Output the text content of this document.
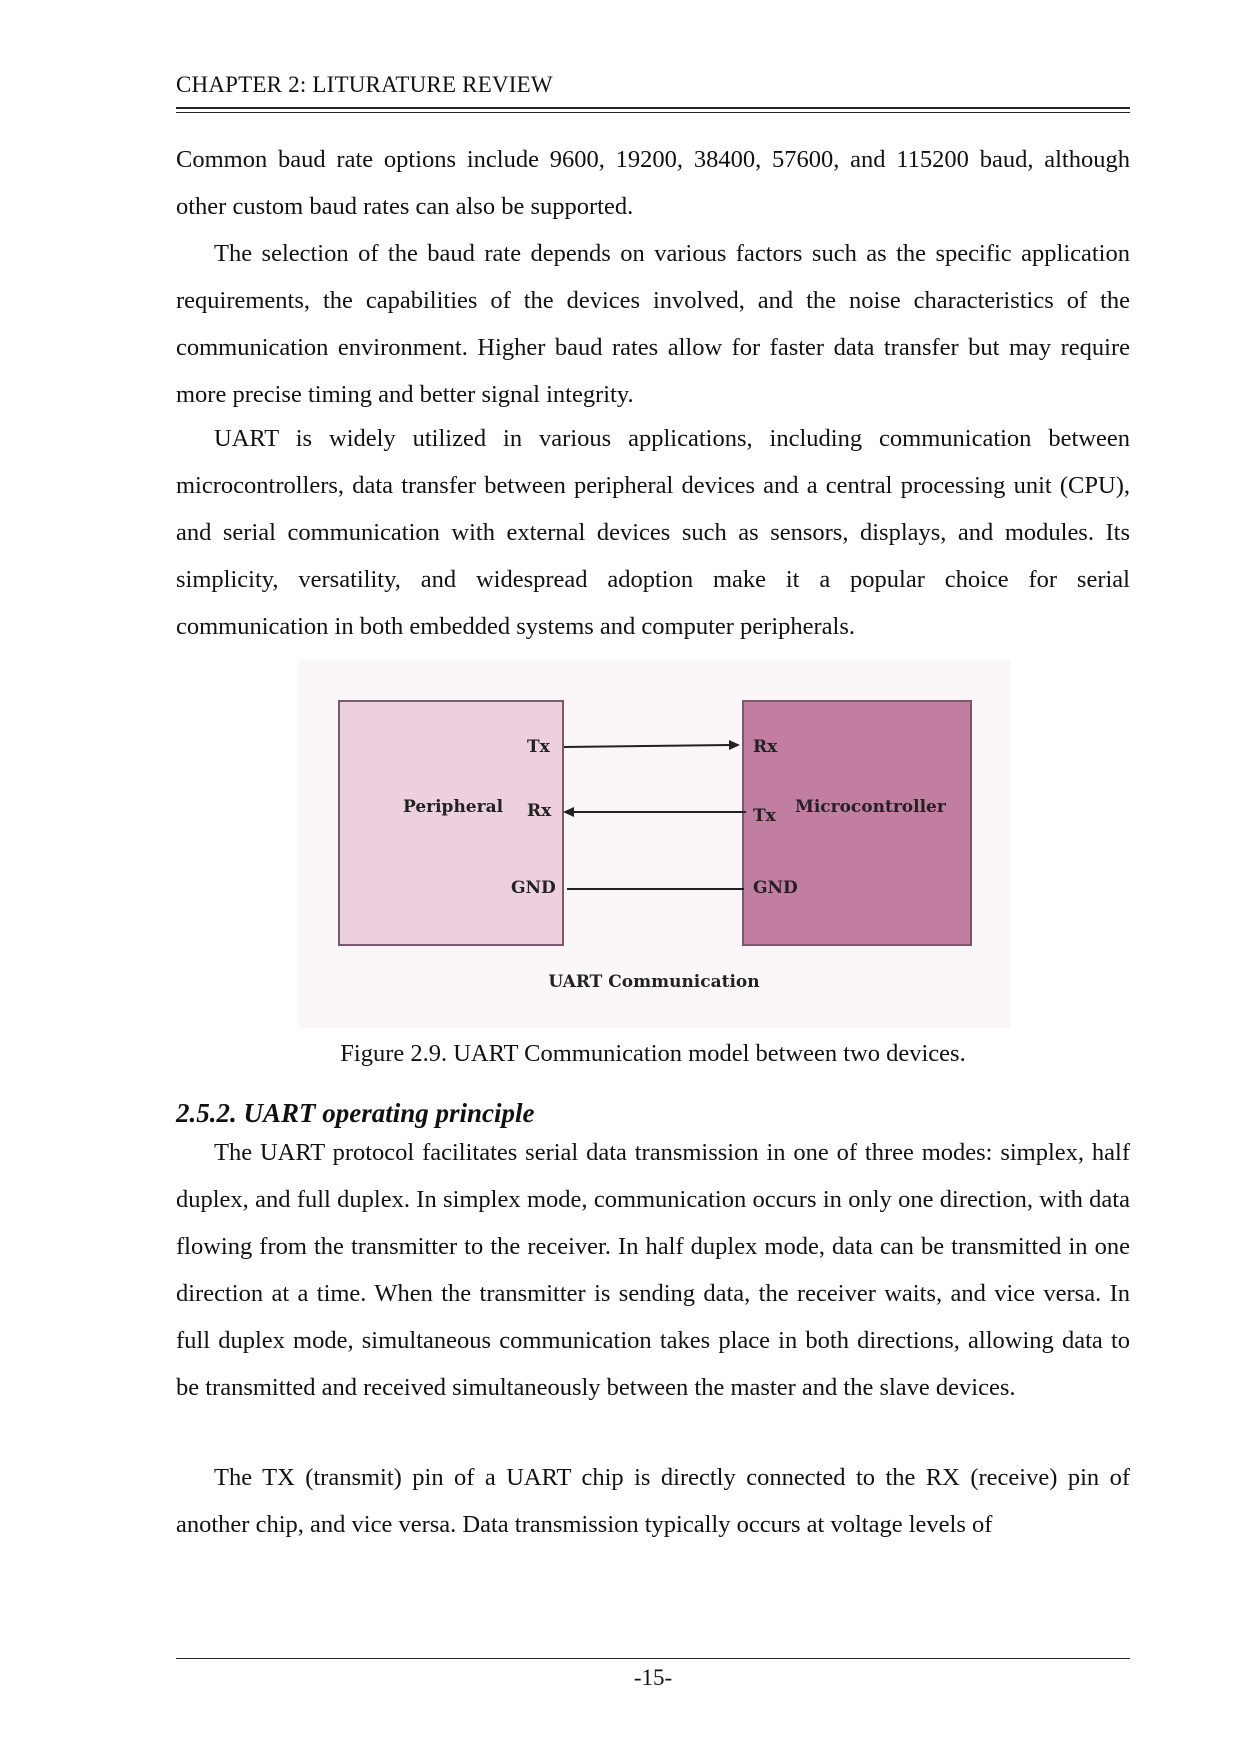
CHAPTER 2: LITURATURE REVIEW

Common baud rate options include 9600, 19200, 38400, 57600, and 115200 baud, although other custom baud rates can also be supported.

The selection of the baud rate depends on various factors such as the specific application requirements, the capabilities of the devices involved, and the noise characteristics of the communication environment. Higher baud rates allow for faster data transfer but may require more precise timing and better signal integrity.

UART is widely utilized in various applications, including communication between microcontrollers, data transfer between peripheral devices and a central processing unit (CPU), and serial communication with external devices such as sensors, displays, and modules. Its simplicity, versatility, and widespread adoption make it a popular choice for serial communication in both embedded systems and computer peripherals.

Peripheral
Tx
Rx
GND
Rx
Tx
GND
Microcontroller
UART Communication
Figure 2.9. UART Communication model between two devices.
2.5.2. UART operating principle

The UART protocol facilitates serial data transmission in one of three modes: simplex, half duplex, and full duplex. In simplex mode, communication occurs in only one direction, with data flowing from the transmitter to the receiver. In half duplex mode, data can be transmitted in one direction at a time. When the transmitter is sending data, the receiver waits, and vice versa. In full duplex mode, simultaneous communication takes place in both directions, allowing data to be transmitted and received simultaneously between the master and the slave devices.

The TX (transmit) pin of a UART chip is directly connected to the RX (receive) pin of another chip, and vice versa. Data transmission typically occurs at voltage levels of

-15-
